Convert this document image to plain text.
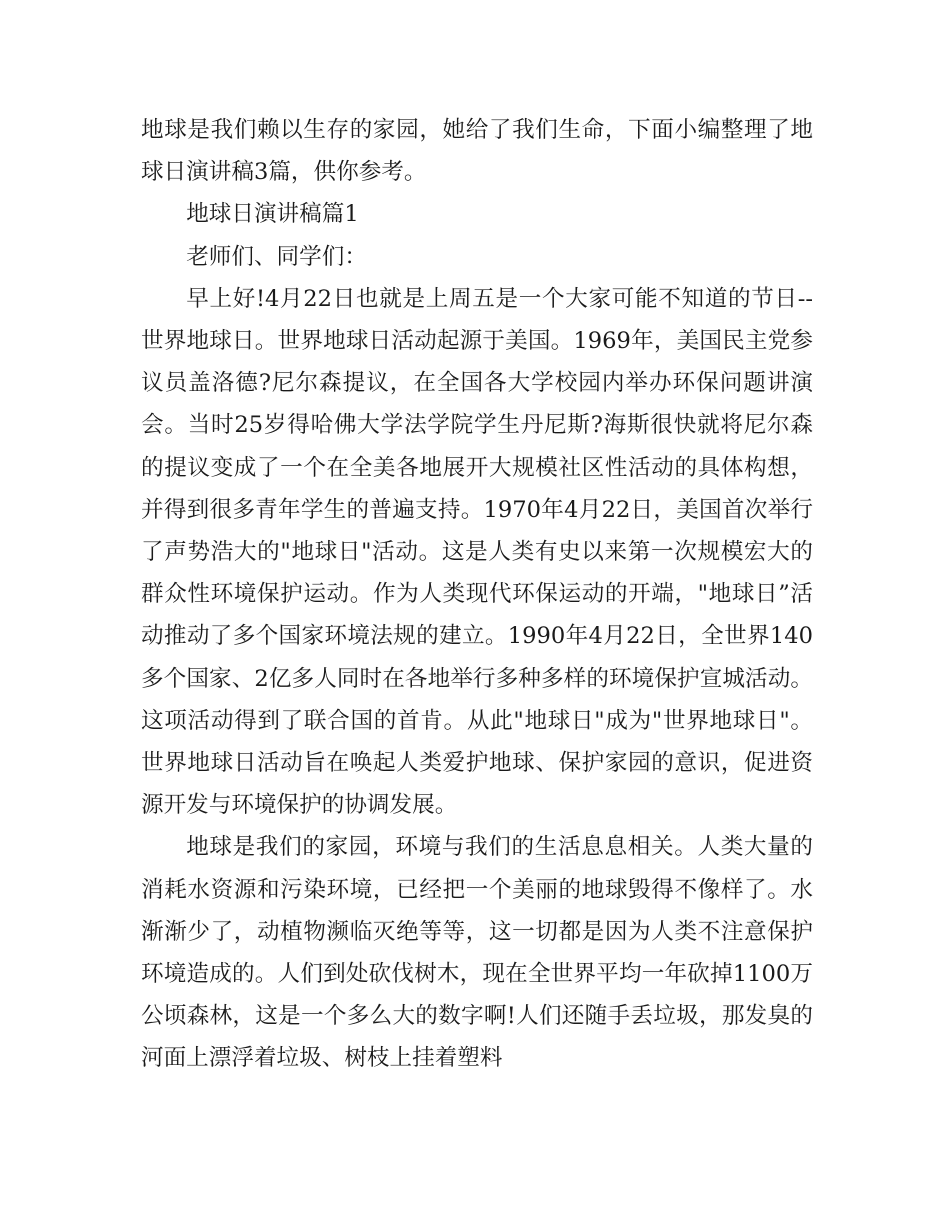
地球是我们赖以生存的家园，她给了我们生命，下面小编整理了地球日演讲稿3篇，供你参考。

地球日演讲稿篇1

老师们、同学们：

早上好!4月22日也就是上周五是一个大家可能不知道的节日--世界地球日。世界地球日活动起源于美国。1969年，美国民主党参议员盖洛德?尼尔森提议，在全国各大学校园内举办环保问题讲演会。当时25岁得哈佛大学法学院学生丹尼斯?海斯很快就将尼尔森的提议变成了一个在全美各地展开大规模社区性活动的具体构想，并得到很多青年学生的普遍支持。1970年4月22日，美国首次举行了声势浩大的"地球日"活动。这是人类有史以来第一次规模宏大的群众性环境保护运动。作为人类现代环保运动的开端，"地球日”活动推动了多个国家环境法规的建立。1990年4月22日，全世界140多个国家、2亿多人同时在各地举行多种多样的环境保护宣城活动。这项活动得到了联合国的首肯。从此"地球日"成为"世界地球日"。世界地球日活动旨在唤起人类爱护地球、保护家园的意识，促进资源开发与环境保护的协调发展。

地球是我们的家园，环境与我们的生活息息相关。人类大量的消耗水资源和污染环境，已经把一个美丽的地球毁得不像样了。水渐渐少了，动植物濒临灭绝等等，这一切都是因为人类不注意保护环境造成的。人们到处砍伐树木，现在全世界平均一年砍掉1100万公顷森林，这是一个多么大的数字啊!人们还随手丢垃圾，那发臭的河面上漂浮着垃圾、树枝上挂着塑料
